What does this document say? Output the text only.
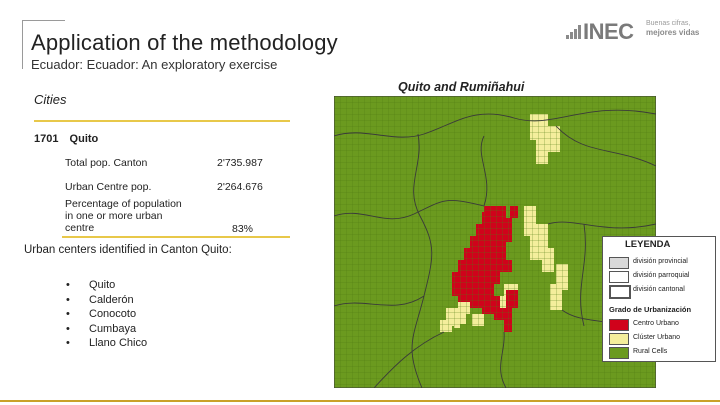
Application of the methodology
Ecuador: Ecuador: An exploratory exercise
INEC Buenas cifras,
mejores vidas
Cities
1701 Quito
Total pop. Canton	2'735.987
Urban Centre pop.	2'264.676
Percentage of population in one or more urban centre	83%
Urban centers identified in Canton Quito:
•	Quito
•	Calderón
•	Conocoto
•	Cumbaya
•	Llano Chico
Quito and Rumiñahui
LEYENDA
división provincial
división parroquial
división cantonal
Grado de Urbanización
Centro Urbano
Clúster Urbano
Rural Cells
